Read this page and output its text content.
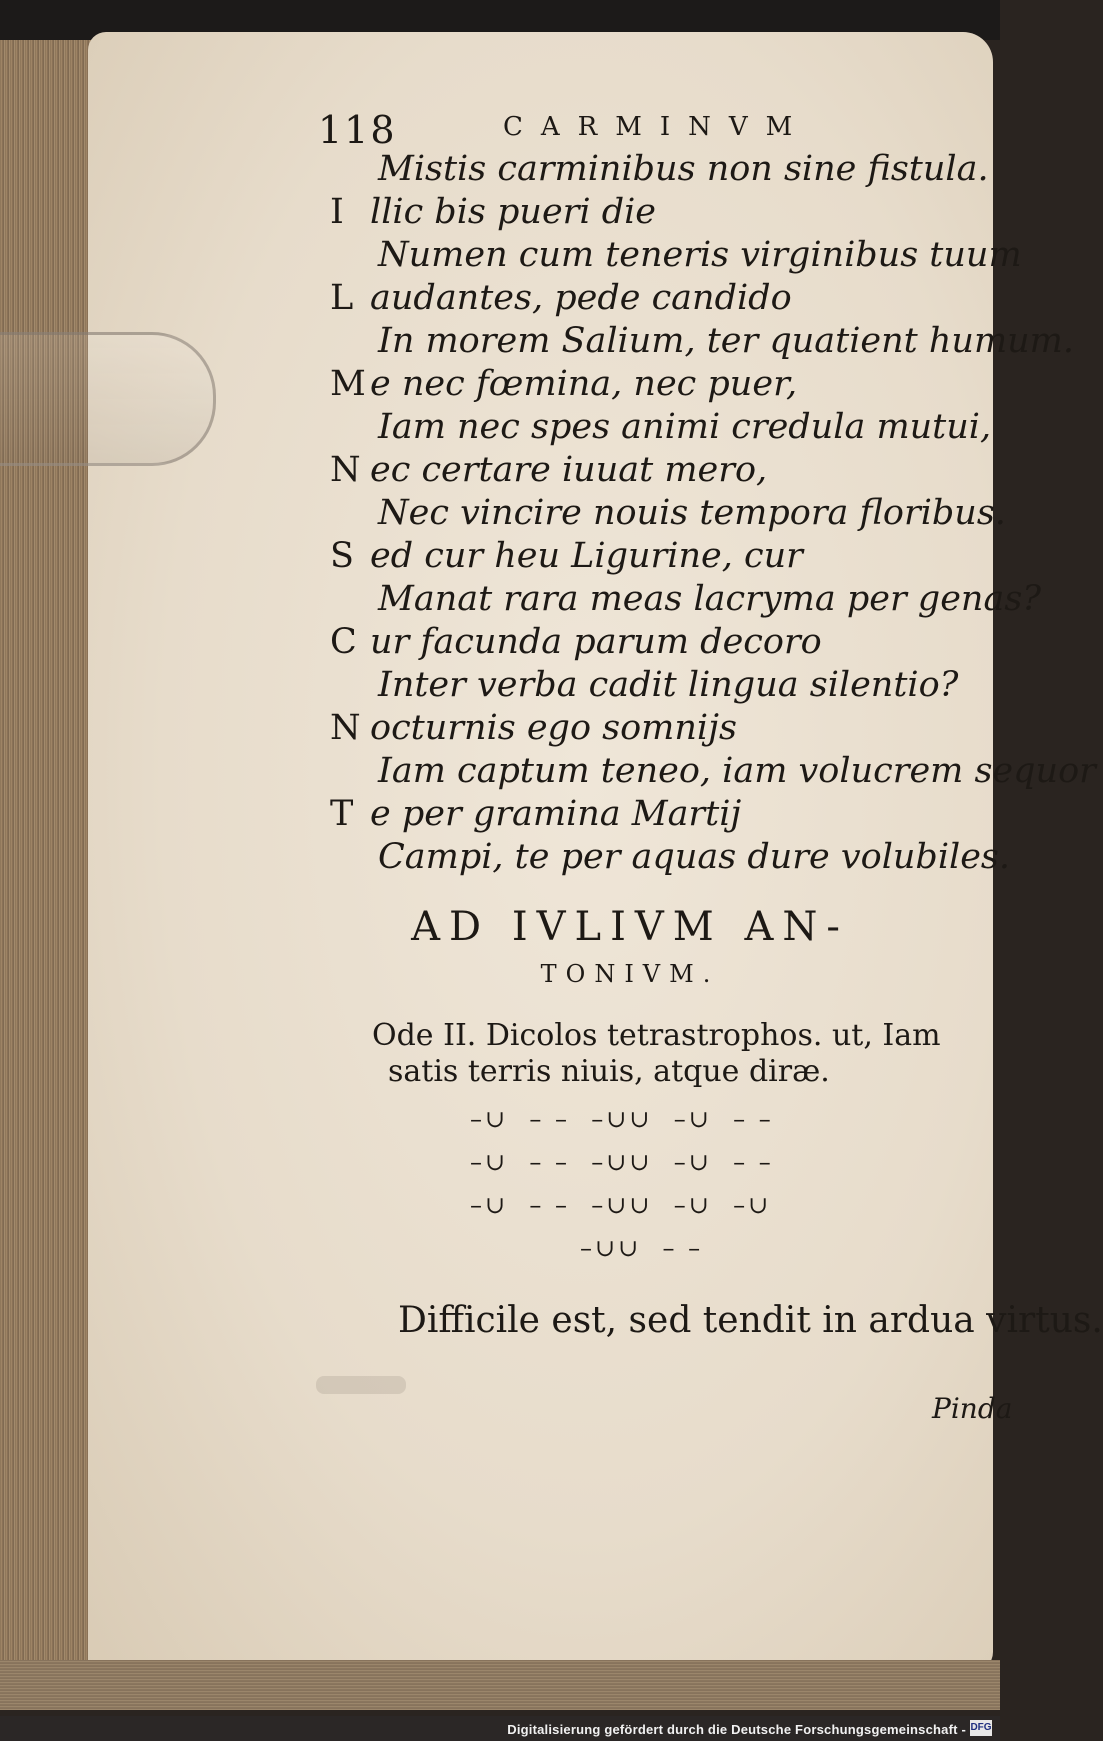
118	CARMINVM
Mistis carminibus non sine fistula.
I llic bis pueri die
Numen cum teneris virginibus tuum
L audantes, pede candido
In morem Salium, ter quatient humum.
M e nec fœmina, nec puer,
Iam nec spes animi credula mutui,
N ec certare iuuat mero,
Nec vincire nouis tempora floribus.
S ed cur heu Ligurine, cur
Manat rara meas lacryma per genas?
C ur facunda parum decoro
Inter verba cadit lingua silentio?
N octurnis ego somnijs
Iam captum teneo, iam volucrem sequor
T e per gramina Martij
Campi, te per aquas dure volubiles.
AD IVLIVM AN-
TONIVM.
Ode II. Dicolos tetrastrophos. ut, Iam
satis terris niuis, atque diræ.
–∪  – –  –∪∪  –∪  – –
–∪  – –  –∪∪  –∪  – –
–∪  – –  –∪∪  –∪  –∪
–∪∪  – –
Difficile est, sed tendit in ardua virtus.
Pinda
Digitalisierung gefördert durch die Deutsche Forschungsgemeinschaft - DFG
